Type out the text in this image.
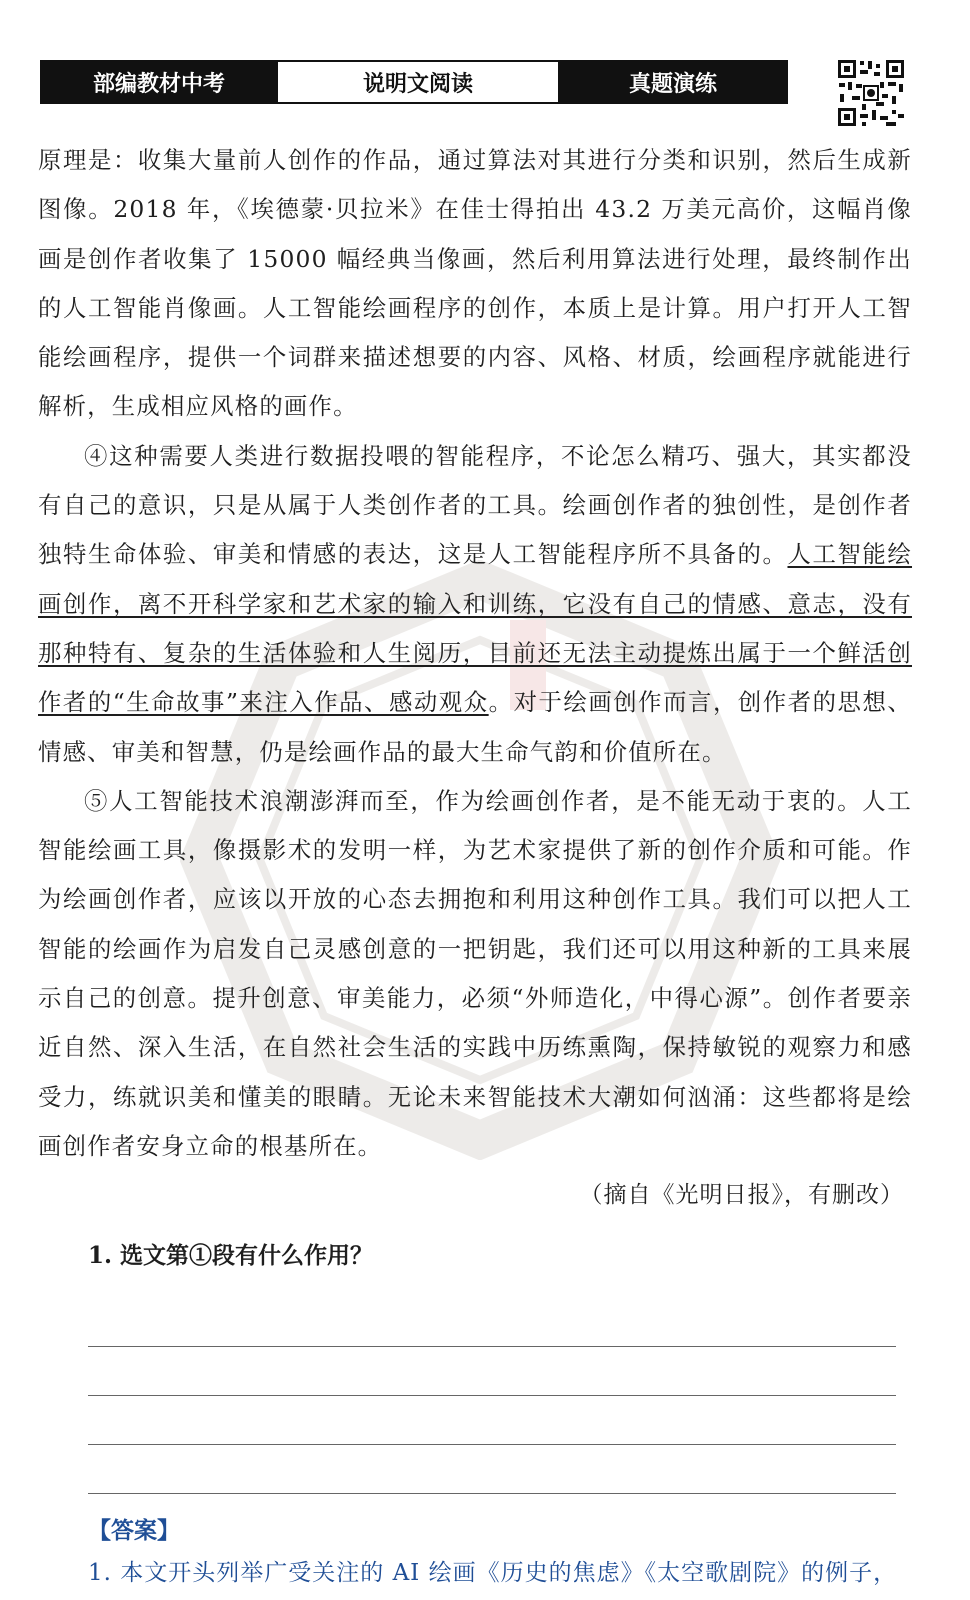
部编教材中考	说明文阅读	真题演练

原理是：收集大量前人创作的作品，通过算法对其进行分类和识别，然后生成新图像。2018 年，《埃德蒙·贝拉米》在佳士得拍出 43.2 万美元高价，这幅肖像画是创作者收集了 15000 幅经典当像画，然后利用算法进行处理，最终制作出的人工智能肖像画。人工智能绘画程序的创作，本质上是计算。用户打开人工智能绘画程序，提供一个词群来描述想要的内容、风格、材质，绘画程序就能进行解析，生成相应风格的画作。

④这种需要人类进行数据投喂的智能程序，不论怎么精巧、强大，其实都没有自己的意识，只是从属于人类创作者的工具。绘画创作者的独创性，是创作者独特生命体验、审美和情感的表达，这是人工智能程序所不具备的。人工智能绘画创作，离不开科学家和艺术家的输入和训练，它没有自己的情感、意志，没有那种特有、复杂的生活体验和人生阅历，目前还无法主动提炼出属于一个鲜活创作者的“生命故事”来注入作品、感动观众。对于绘画创作而言，创作者的思想、情感、审美和智慧，仍是绘画作品的最大生命气韵和价值所在。

⑤人工智能技术浪潮澎湃而至，作为绘画创作者，是不能无动于衷的。人工智能绘画工具，像摄影术的发明一样，为艺术家提供了新的创作介质和可能。作为绘画创作者，应该以开放的心态去拥抱和利用这种创作工具。我们可以把人工智能的绘画作为启发自己灵感创意的一把钥匙，我们还可以用这种新的工具来展示自己的创意。提升创意、审美能力，必须“外师造化，中得心源”。创作者要亲近自然、深入生活，在自然社会生活的实践中历练熏陶，保持敏锐的观察力和感受力，练就识美和懂美的眼睛。无论未来智能技术大潮如何汹涌：这些都将是绘画创作者安身立命的根基所在。

（摘自《光明日报》，有删改）

1. 选文第①段有什么作用？
【答案】
1. 本文开头列举广受关注的 AI 绘画《历史的焦虑》《太空歌剧院》的例子，
